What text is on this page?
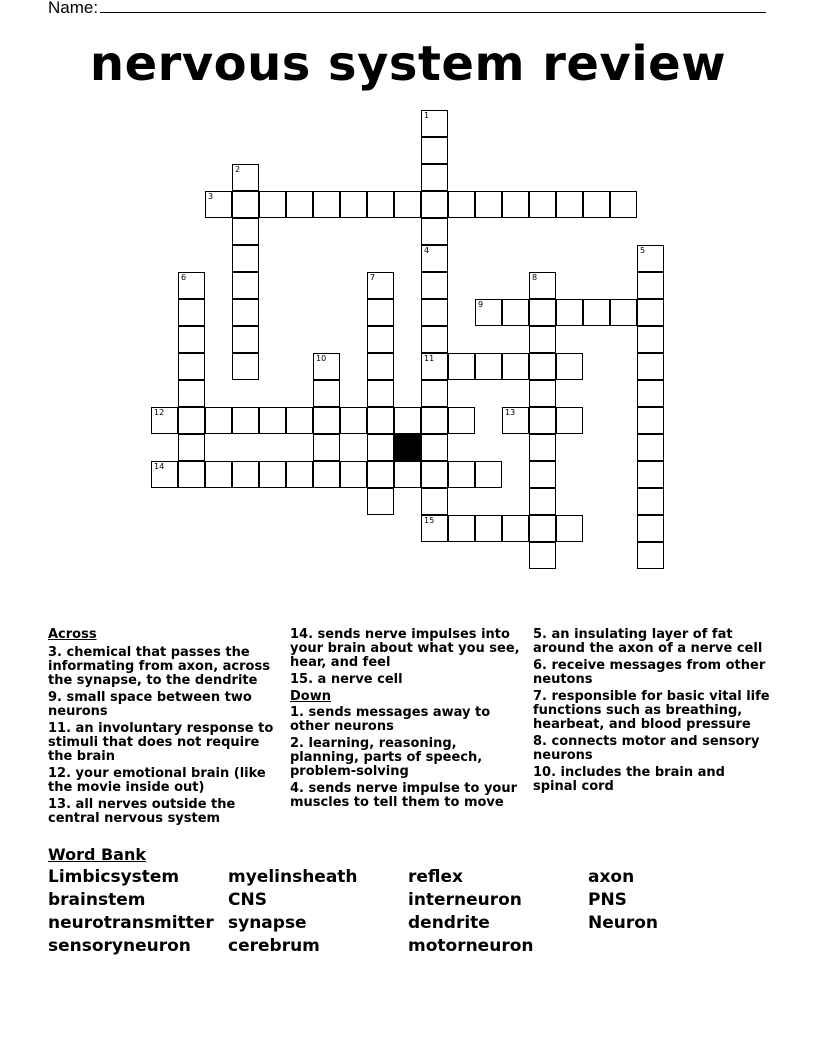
Name:
nervous system review
3
9
11
12	13
14
15
1
4
2
5
6	7	8
10
Across
3. chemical that passes the informating from axon, across the synapse, to the dendrite
9. small space between two neurons
11. an involuntary response to stimuli that does not require the brain
12. your emotional brain (like the movie inside out)
13. all nerves outside the central nervous system
14. sends nerve impulses into your brain about what you see, hear, and feel
15. a nerve cell
Down
1. sends messages away to other neurons
2. learning, reasoning, planning, parts of speech, problem-solving
4. sends nerve impulse to your muscles to tell them to move
5. an insulating layer of fat around the axon of a nerve cell
6. receive messages from other neutons
7. responsible for basic vital life functions such as breathing, hearbeat, and blood pressure
8. connects motor and sensory neurons
10. includes the brain and spinal cord
Word Bank
Limbicsystem
brainstem
neurotransmitter
sensoryneuron
myelinsheath
CNS
synapse
cerebrum
reflex
interneuron
dendrite
motorneuron
axon
PNS
Neuron
